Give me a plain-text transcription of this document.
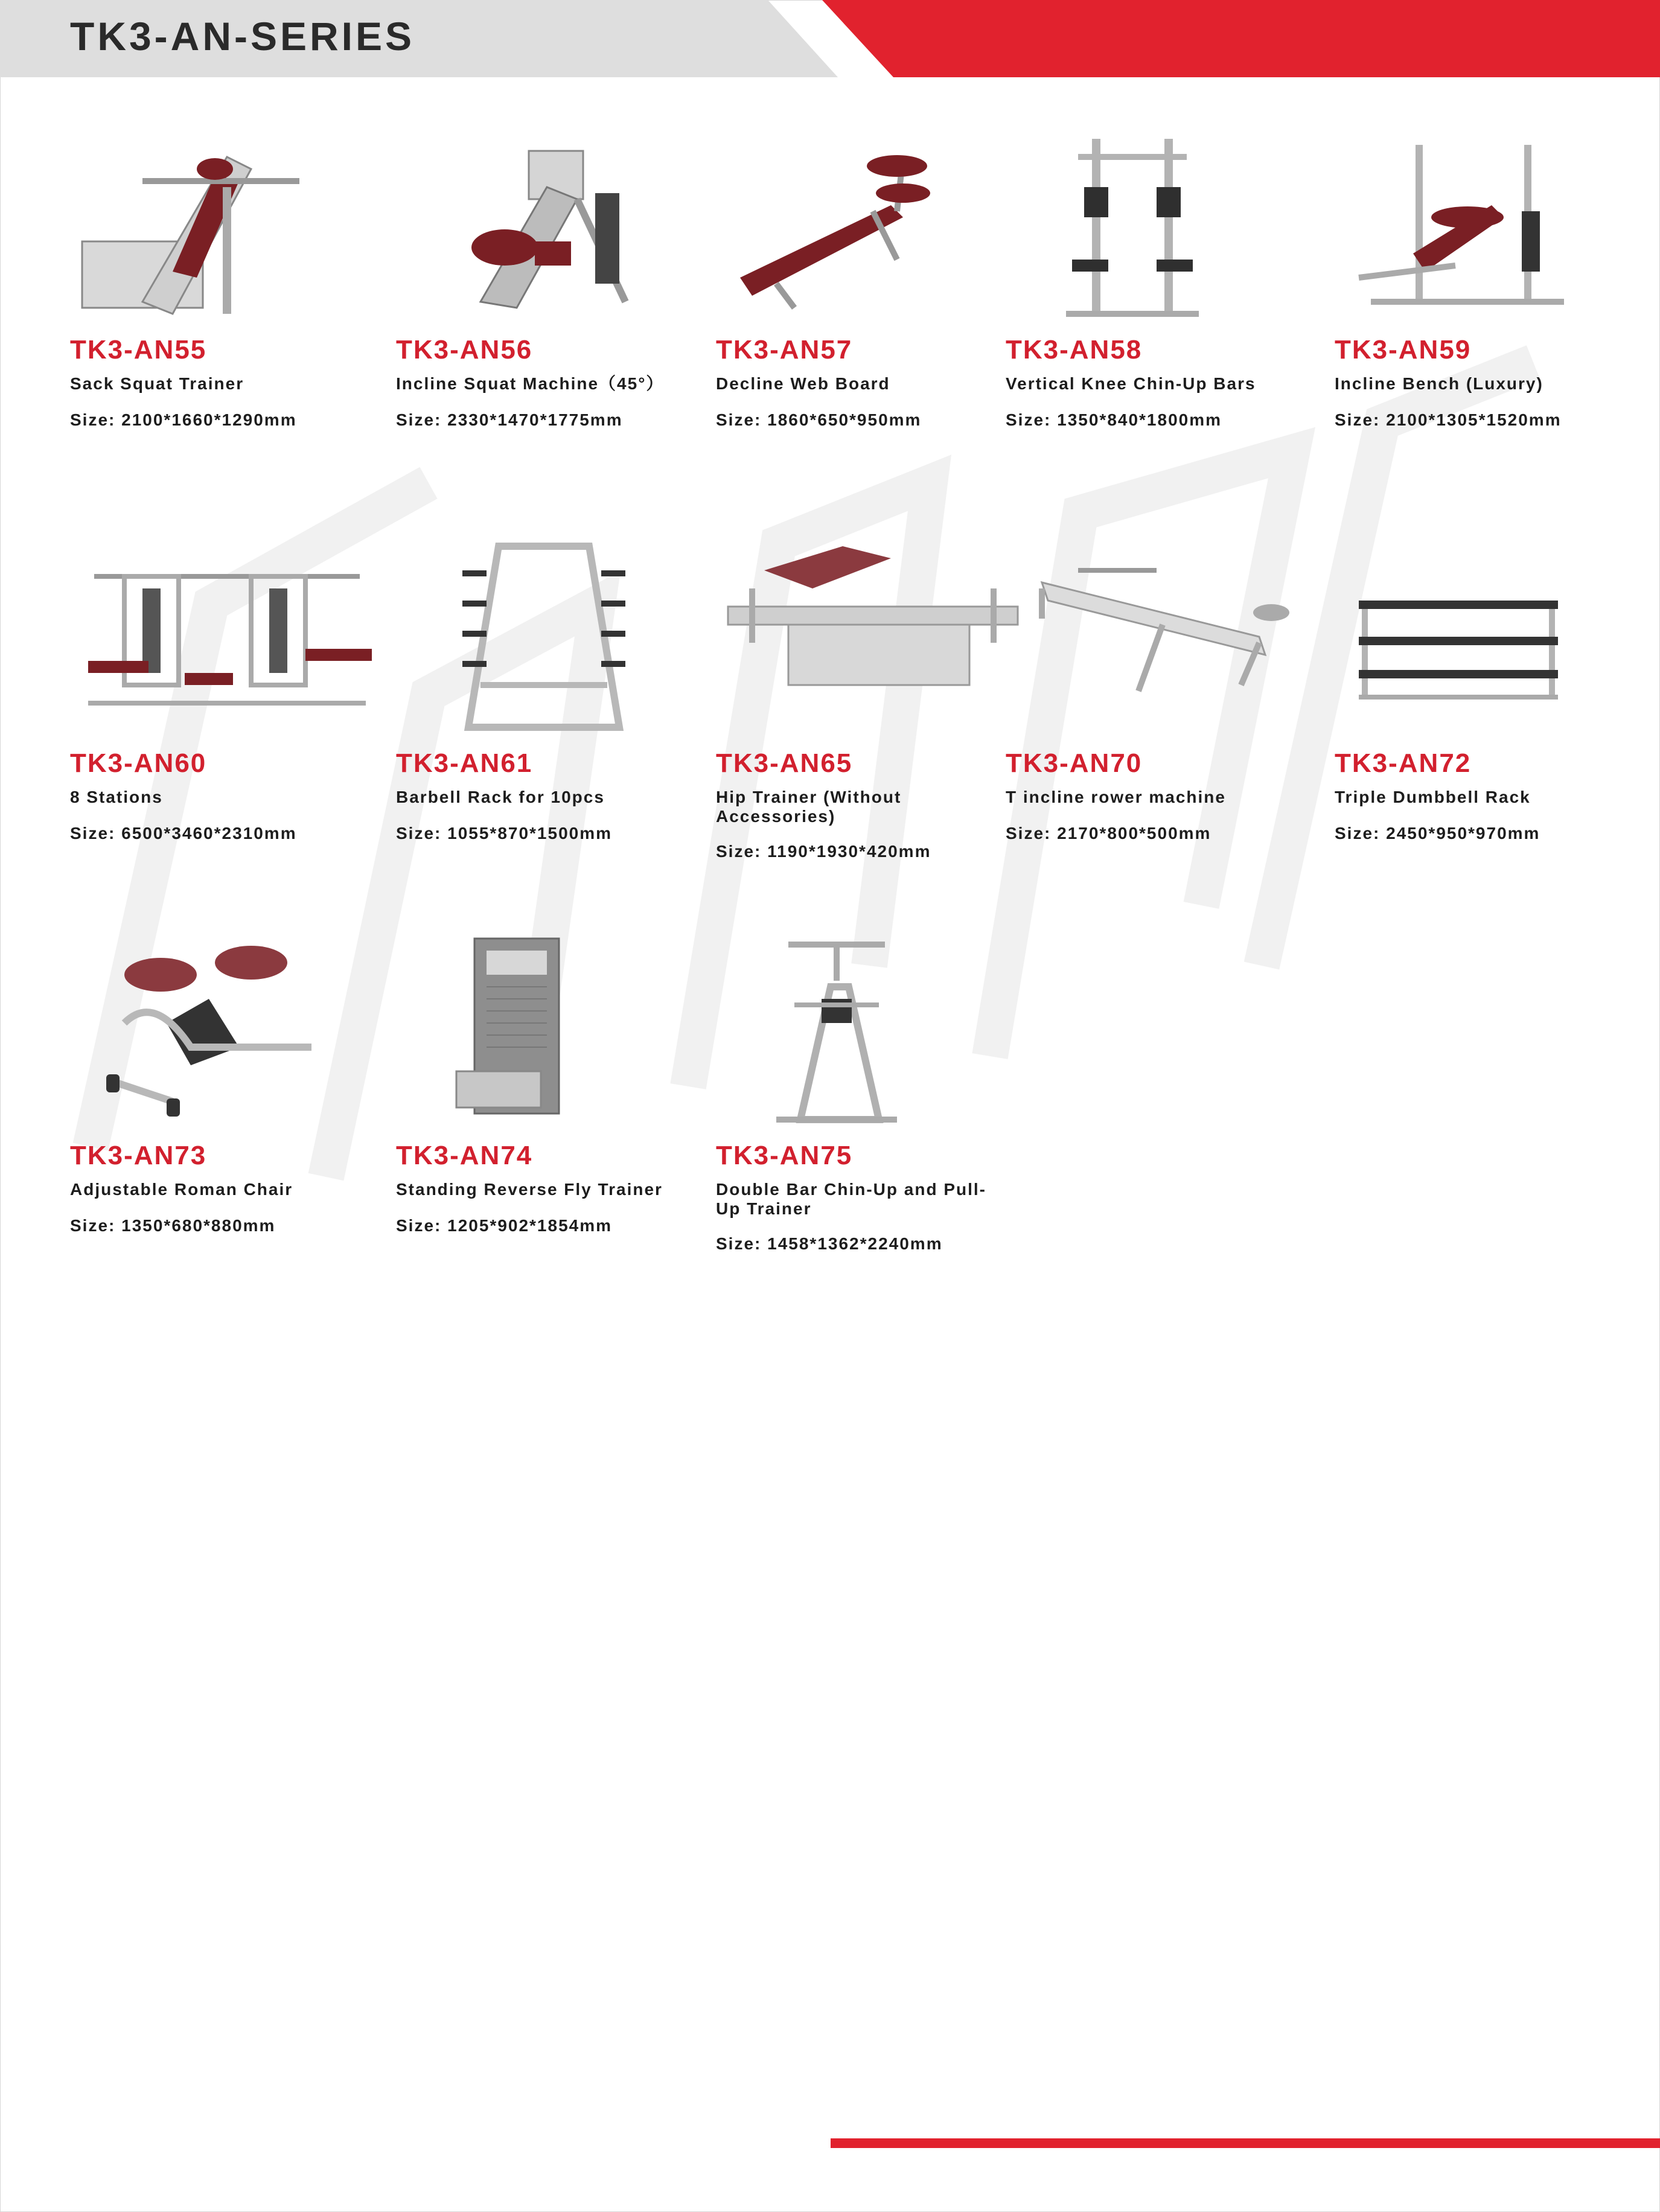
TK3-AN-SERIES
TK3-AN55
Sack Squat Trainer
Size: 2100*1660*1290mm
TK3-AN56
Incline Squat Machine（45°）
Size: 2330*1470*1775mm
TK3-AN57
Decline Web Board
Size: 1860*650*950mm
TK3-AN58
Vertical Knee Chin-Up Bars
Size: 1350*840*1800mm
TK3-AN59
Incline Bench (Luxury)
Size: 2100*1305*1520mm
TK3-AN60
8 Stations
Size: 6500*3460*2310mm
TK3-AN61
Barbell Rack for 10pcs
Size: 1055*870*1500mm
TK3-AN65
Hip Trainer (Without Accessories)
Size: 1190*1930*420mm
TK3-AN70
T incline rower machine
Size: 2170*800*500mm
TK3-AN72
Triple Dumbbell Rack
Size: 2450*950*970mm
TK3-AN73
Adjustable Roman Chair
Size: 1350*680*880mm
TK3-AN74
Standing Reverse Fly Trainer
Size: 1205*902*1854mm
TK3-AN75
Double Bar Chin-Up and Pull-Up Trainer
Size: 1458*1362*2240mm
